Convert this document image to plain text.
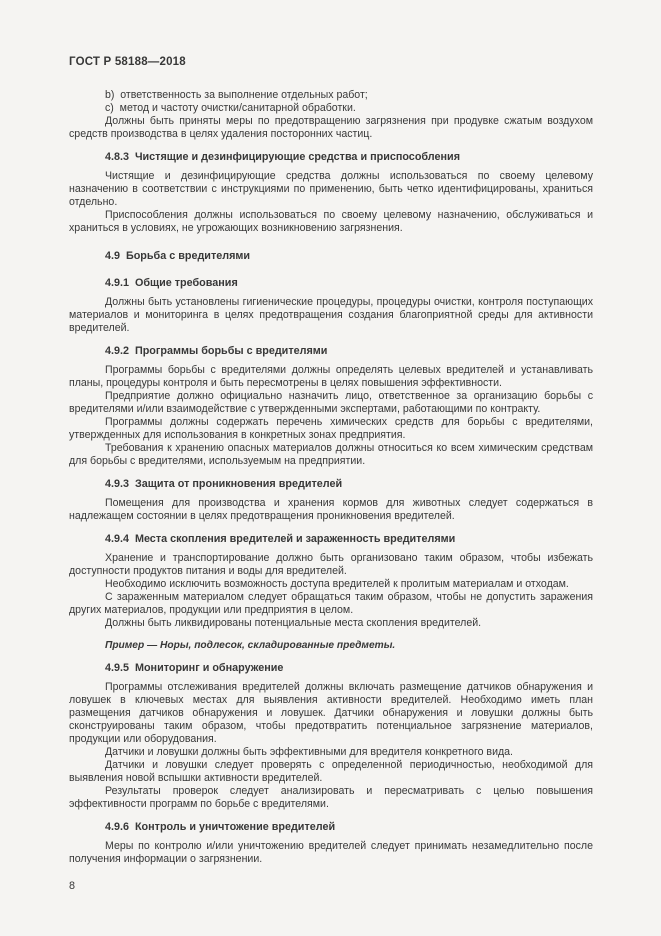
ГОСТ Р 58188—2018

b) ответственность за выполнение отдельных работ;

c) метод и частоту очистки/санитарной обработки.

Должны быть приняты меры по предотвращению загрязнения при продувке сжатым воздухом средств производства в целях удаления посторонних частиц.

4.8.3 Чистящие и дезинфицирующие средства и приспособления

Чистящие и дезинфицирующие средства должны использоваться по своему целевому назначению в соответствии с инструкциями по применению, быть четко идентифицированы, храниться отдельно.

Приспособления должны использоваться по своему целевому назначению, обслуживаться и храниться в условиях, не угрожающих возникновению загрязнения.

4.9 Борьба с вредителями

4.9.1 Общие требования

Должны быть установлены гигиенические процедуры, процедуры очистки, контроля поступающих материалов и мониторинга в целях предотвращения создания благоприятной среды для активности вредителей.

4.9.2 Программы борьбы с вредителями

Программы борьбы с вредителями должны определять целевых вредителей и устанавливать планы, процедуры контроля и быть пересмотрены в целях повышения эффективности.

Предприятие должно официально назначить лицо, ответственное за организацию борьбы с вредителями и/или взаимодействие с утвержденными экспертами, работающими по контракту.

Программы должны содержать перечень химических средств для борьбы с вредителями, утвержденных для использования в конкретных зонах предприятия.

Требования к хранению опасных материалов должны относиться ко всем химическим средствам для борьбы с вредителями, используемым на предприятии.

4.9.3 Защита от проникновения вредителей

Помещения для производства и хранения кормов для животных следует содержаться в надлежащем состоянии в целях предотвращения проникновения вредителей.

4.9.4 Места скопления вредителей и зараженность вредителями

Хранение и транспортирование должно быть организовано таким образом, чтобы избежать доступности продуктов питания и воды для вредителей.

Необходимо исключить возможность доступа вредителей к пролитым материалам и отходам.

С зараженным материалом следует обращаться таким образом, чтобы не допустить заражения других материалов, продукции или предприятия в целом.

Должны быть ликвидированы потенциальные места скопления вредителей.

Пример — Норы, подлесок, складированные предметы.

4.9.5 Мониторинг и обнаружение

Программы отслеживания вредителей должны включать размещение датчиков обнаружения и ловушек в ключевых местах для выявления активности вредителей. Необходимо иметь план размещения датчиков обнаружения и ловушек. Датчики обнаружения и ловушки должны быть сконструированы таким образом, чтобы предотвратить потенциальное загрязнение материалов, продукции или оборудования.

Датчики и ловушки должны быть эффективными для вредителя конкретного вида.

Датчики и ловушки следует проверять с определенной периодичностью, необходимой для выявления новой вспышки активности вредителей.

Результаты проверок следует анализировать и пересматривать с целью повышения эффективности программ по борьбе с вредителями.

4.9.6 Контроль и уничтожение вредителей

Меры по контролю и/или уничтожению вредителей следует принимать незамедлительно после получения информации о загрязнении.

8
